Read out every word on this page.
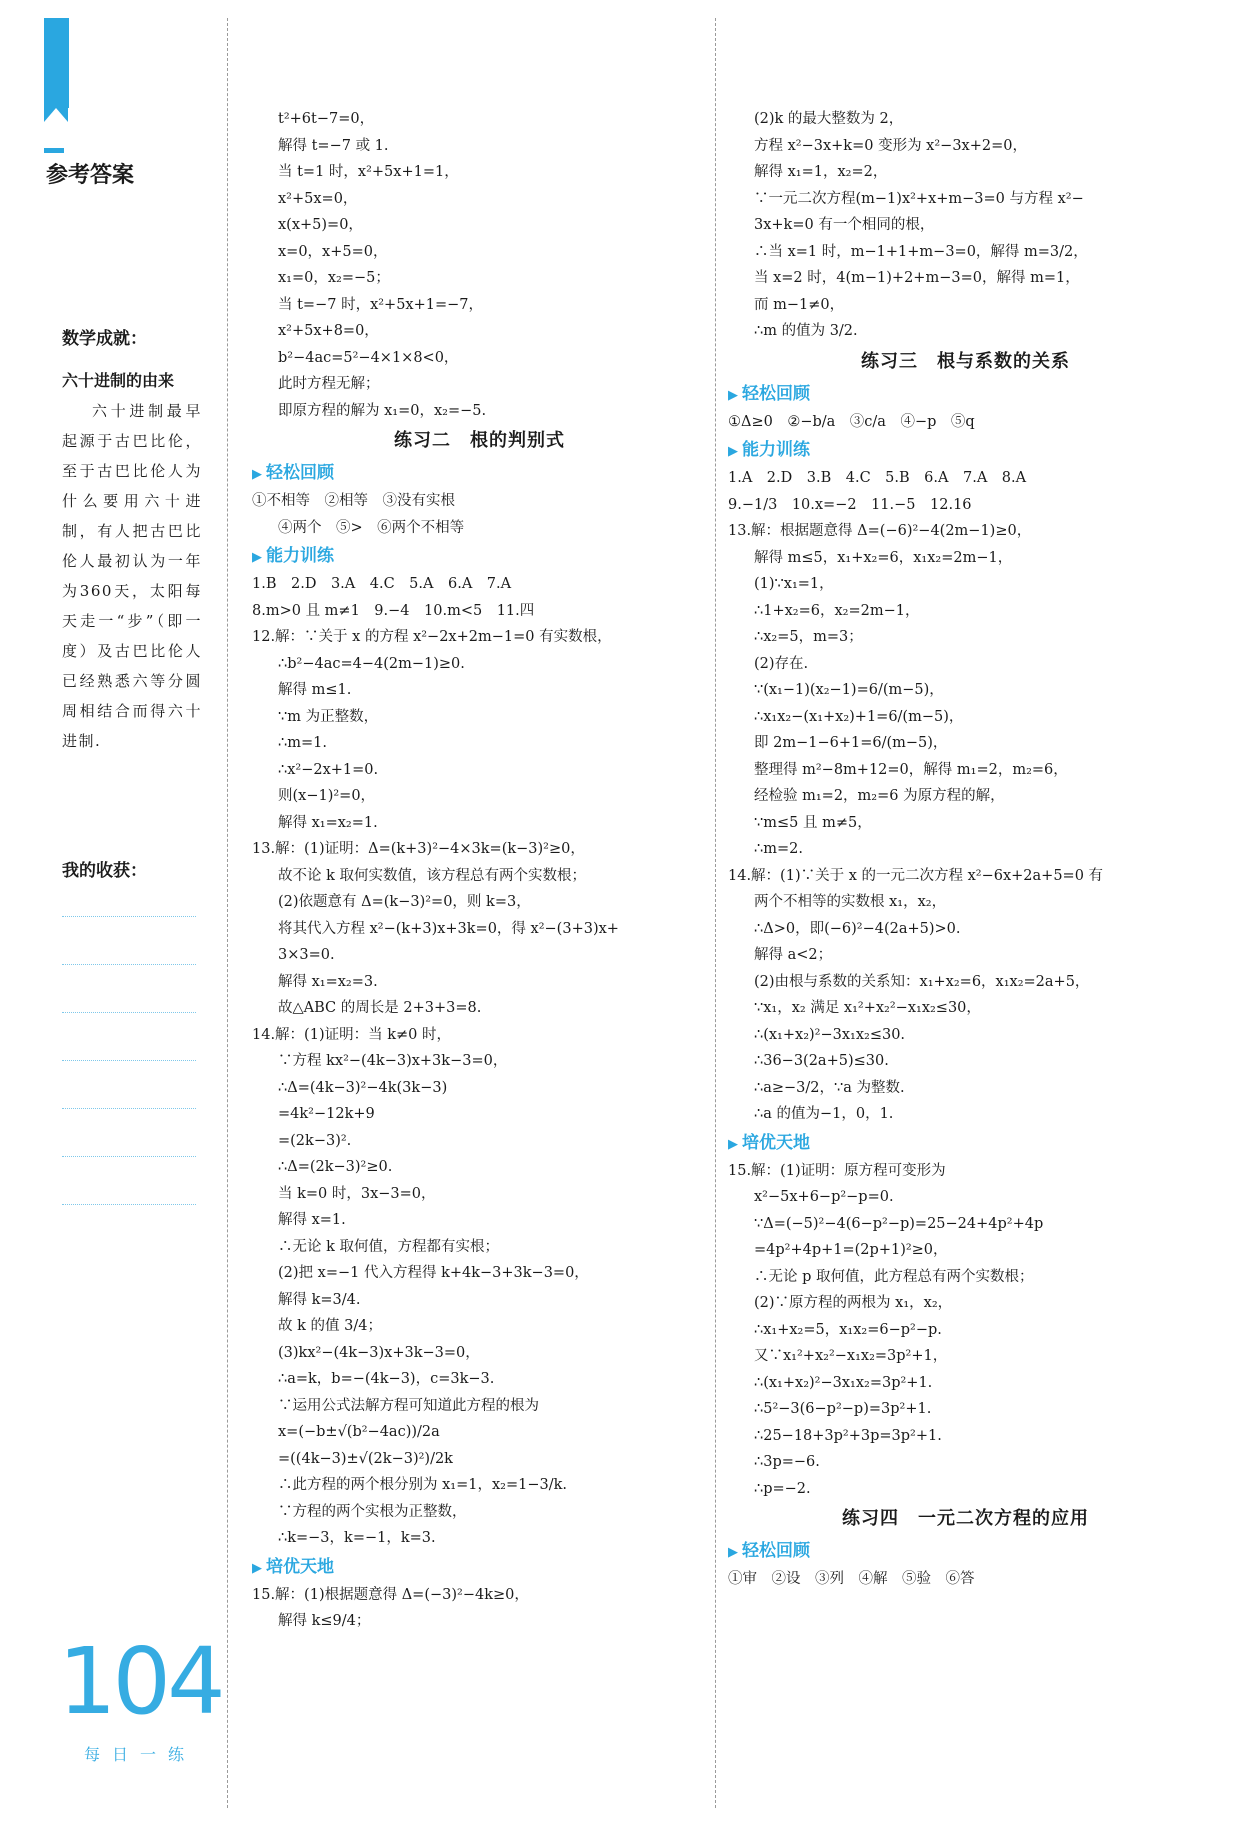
参考答案
数学成就：
六十进制的由来
六十进制最早起源于古巴比伦，至于古巴比伦人为什么要用六十进制，有人把古巴比伦人最初认为一年为360天，太阳每天走一“步”（即一度）及古巴比伦人已经熟悉六等分圆周相结合而得六十进制.
我的收获：
104
每日一练
t²+6t−7=0，
解得 t=−7 或 1.
当 t=1 时，x²+5x+1=1，
x²+5x=0，
x(x+5)=0，
x=0，x+5=0，
x₁=0，x₂=−5；
当 t=−7 时，x²+5x+1=−7，
x²+5x+8=0，
b²−4ac=5²−4×1×8<0，
此时方程无解；
即原方程的解为 x₁=0，x₂=−5.
练习二　根的判别式
▶ 轻松回顾
①不相等　②相等　③没有实根
④两个　⑤>　⑥两个不相等
▶ 能力训练
1.B　2.D　3.A　4.C　5.A　6.A　7.A
8.m>0 且 m≠1　9.−4　10.m<5　11.四
12.解：∵关于 x 的方程 x²−2x+2m−1=0 有实数根，
∴b²−4ac=4−4(2m−1)≥0.
解得 m≤1.
∵m 为正整数，
∴m=1.
∴x²−2x+1=0.
则(x−1)²=0，
解得 x₁=x₂=1.
13.解：(1)证明：Δ=(k+3)²−4×3k=(k−3)²≥0，
故不论 k 取何实数值，该方程总有两个实数根；
(2)依题意有 Δ=(k−3)²=0，则 k=3，
将其代入方程 x²−(k+3)x+3k=0，得 x²−(3+3)x+
3×3=0.
解得 x₁=x₂=3.
故△ABC 的周长是 2+3+3=8.
14.解：(1)证明：当 k≠0 时，
∵方程 kx²−(4k−3)x+3k−3=0，
∴Δ=(4k−3)²−4k(3k−3)
=4k²−12k+9
=(2k−3)².
∴Δ=(2k−3)²≥0.
当 k=0 时，3x−3=0，
解得 x=1.
∴无论 k 取何值，方程都有实根；
(2)把 x=−1 代入方程得 k+4k−3+3k−3=0，
解得 k=3/4.
故 k 的值 3/4；
(3)kx²−(4k−3)x+3k−3=0，
∴a=k，b=−(4k−3)，c=3k−3.
∵运用公式法解方程可知道此方程的根为
x=(−b±√(b²−4ac))/2a
=((4k−3)±√(2k−3)²)/2k
∴此方程的两个根分别为 x₁=1，x₂=1−3/k.
∵方程的两个实根为正整数，
∴k=−3，k=−1，k=3.
▶ 培优天地
15.解：(1)根据题意得 Δ=(−3)²−4k≥0，
解得 k≤9/4；
(2)k 的最大整数为 2，
方程 x²−3x+k=0 变形为 x²−3x+2=0，
解得 x₁=1，x₂=2，
∵一元二次方程(m−1)x²+x+m−3=0 与方程 x²−
3x+k=0 有一个相同的根，
∴当 x=1 时，m−1+1+m−3=0，解得 m=3/2，
当 x=2 时，4(m−1)+2+m−3=0，解得 m=1，
而 m−1≠0，
∴m 的值为 3/2.
练习三　根与系数的关系
▶ 轻松回顾
①Δ≥0　②−b/a　③c/a　④−p　⑤q
▶ 能力训练
1.A　2.D　3.B　4.C　5.B　6.A　7.A　8.A
9.−1/3　10.x=−2　11.−5　12.16
13.解：根据题意得 Δ=(−6)²−4(2m−1)≥0，
解得 m≤5，x₁+x₂=6，x₁x₂=2m−1，
(1)∵x₁=1，
∴1+x₂=6，x₂=2m−1，
∴x₂=5，m=3；
(2)存在.
∵(x₁−1)(x₂−1)=6/(m−5)，
∴x₁x₂−(x₁+x₂)+1=6/(m−5)，
即 2m−1−6+1=6/(m−5)，
整理得 m²−8m+12=0，解得 m₁=2，m₂=6，
经检验 m₁=2，m₂=6 为原方程的解，
∵m≤5 且 m≠5，
∴m=2.
14.解：(1)∵关于 x 的一元二次方程 x²−6x+2a+5=0 有
两个不相等的实数根 x₁，x₂，
∴Δ>0，即(−6)²−4(2a+5)>0.
解得 a<2；
(2)由根与系数的关系知：x₁+x₂=6，x₁x₂=2a+5，
∵x₁，x₂ 满足 x₁²+x₂²−x₁x₂≤30，
∴(x₁+x₂)²−3x₁x₂≤30.
∴36−3(2a+5)≤30.
∴a≥−3/2，∵a 为整数.
∴a 的值为−1，0，1.
▶ 培优天地
15.解：(1)证明：原方程可变形为
x²−5x+6−p²−p=0.
∵Δ=(−5)²−4(6−p²−p)=25−24+4p²+4p
=4p²+4p+1=(2p+1)²≥0，
∴无论 p 取何值，此方程总有两个实数根；
(2)∵原方程的两根为 x₁，x₂，
∴x₁+x₂=5，x₁x₂=6−p²−p.
又∵x₁²+x₂²−x₁x₂=3p²+1，
∴(x₁+x₂)²−3x₁x₂=3p²+1.
∴5²−3(6−p²−p)=3p²+1.
∴25−18+3p²+3p=3p²+1.
∴3p=−6.
∴p=−2.
练习四　一元二次方程的应用
▶ 轻松回顾
①审　②设　③列　④解　⑤验　⑥答
